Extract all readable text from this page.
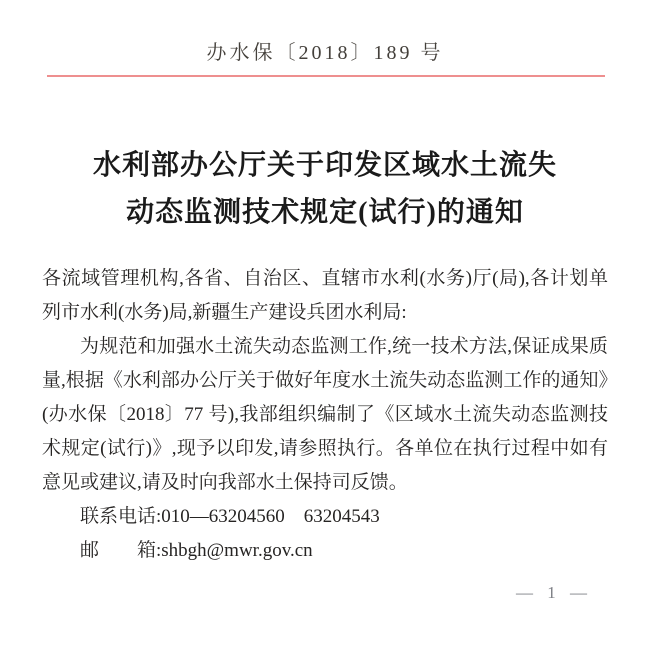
办水保〔2018〕189 号
水利部办公厅关于印发区域水土流失
动态监测技术规定(试行)的通知

各流域管理机构,各省、自治区、直辖市水利(水务)厅(局),各计划单列市水利(水务)局,新疆生产建设兵团水利局:

为规范和加强水土流失动态监测工作,统一技术方法,保证成果质量,根据《水利部办公厅关于做好年度水土流失动态监测工作的通知》(办水保〔2018〕77 号),我部组织编制了《区域水土流失动态监测技术规定(试行)》,现予以印发,请参照执行。各单位在执行过程中如有意见或建议,请及时向我部水土保持司反馈。

联系电话:010—63204560　63204543

邮　　箱:shbgh@mwr.gov.cn

— 1 —
